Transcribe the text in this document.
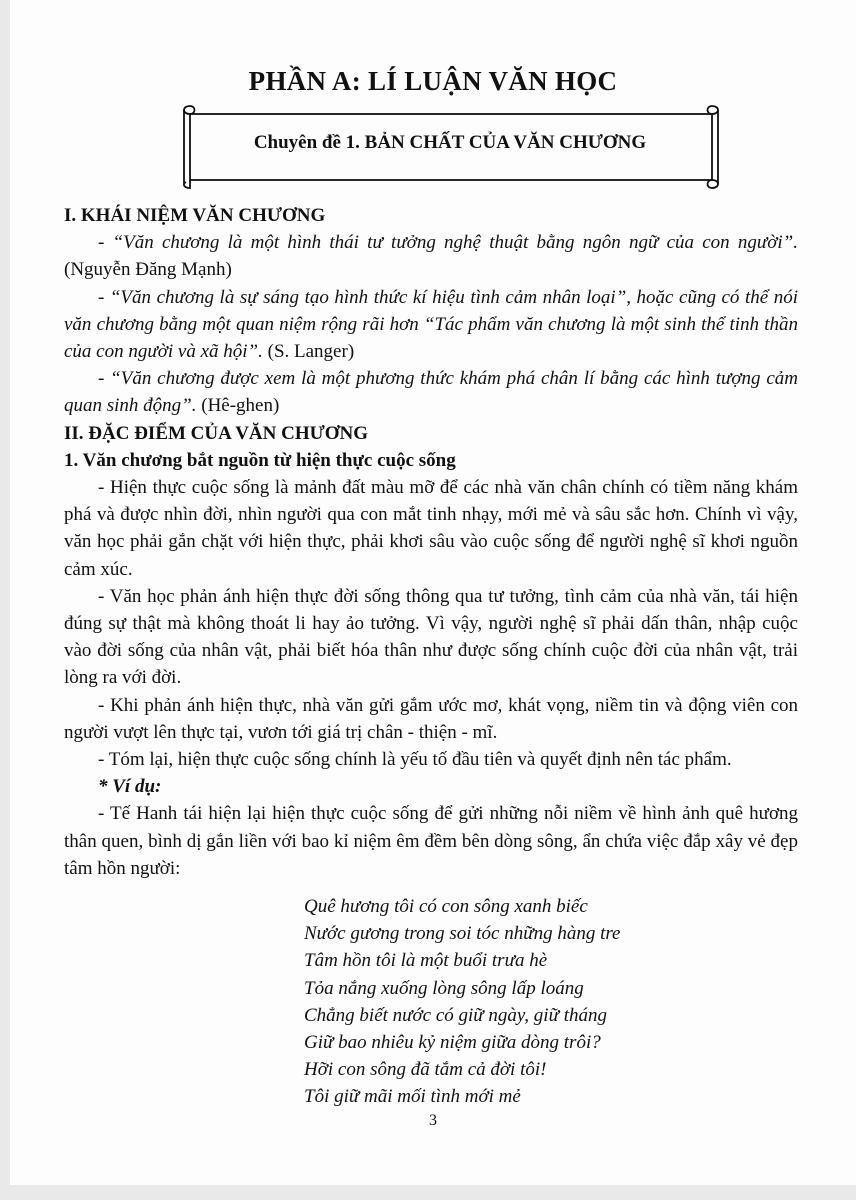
PHẦN A: LÍ LUẬN VĂN HỌC
Chuyên đề 1. BẢN CHẤT CỦA VĂN CHƯƠNG

I. KHÁI NIỆM VĂN CHƯƠNG

- “Văn chương là một hình thái tư tưởng nghệ thuật bằng ngôn ngữ của con người”. (Nguyễn Đăng Mạnh)

- “Văn chương là sự sáng tạo hình thức kí hiệu tình cảm nhân loại”, hoặc cũng có thể nói văn chương bằng một quan niệm rộng rãi hơn “Tác phẩm văn chương là một sinh thể tinh thần của con người và xã hội”. (S. Langer)

- “Văn chương được xem là một phương thức khám phá chân lí bằng các hình tượng cảm quan sinh động”. (Hê-ghen)

II. ĐẶC ĐIỂM CỦA VĂN CHƯƠNG

1. Văn chương bắt nguồn từ hiện thực cuộc sống

- Hiện thực cuộc sống là mảnh đất màu mỡ để các nhà văn chân chính có tiềm năng khám phá và được nhìn đời, nhìn người qua con mắt tinh nhạy, mới mẻ và sâu sắc hơn. Chính vì vậy, văn học phải gắn chặt với hiện thực, phải khơi sâu vào cuộc sống để người nghệ sĩ khơi nguồn cảm xúc.

- Văn học phản ánh hiện thực đời sống thông qua tư tưởng, tình cảm của nhà văn, tái hiện đúng sự thật mà không thoát li hay ảo tưởng. Vì vậy, người nghệ sĩ phải dấn thân, nhập cuộc vào đời sống của nhân vật, phải biết hóa thân như được sống chính cuộc đời của nhân vật, trải lòng ra với đời.

- Khi phản ánh hiện thực, nhà văn gửi gắm ước mơ, khát vọng, niềm tin và động viên con người vượt lên thực tại, vươn tới giá trị chân - thiện - mĩ.

- Tóm lại, hiện thực cuộc sống chính là yếu tố đầu tiên và quyết định nên tác phẩm.

* Ví dụ:

- Tế Hanh tái hiện lại hiện thực cuộc sống để gửi những nỗi niềm về hình ảnh quê hương thân quen, bình dị gắn liền với bao kỉ niệm êm đềm bên dòng sông, ẩn chứa việc đắp xây vẻ đẹp tâm hồn người:

Quê hương tôi có con sông xanh biếc
Nước gương trong soi tóc những hàng tre
Tâm hồn tôi là một buổi trưa hè
Tỏa nắng xuống lòng sông lấp loáng
Chẳng biết nước có giữ ngày, giữ tháng
Giữ bao nhiêu kỷ niệm giữa dòng trôi?
Hỡi con sông đã tắm cả đời tôi!
Tôi giữ mãi mối tình mới mẻ
3
